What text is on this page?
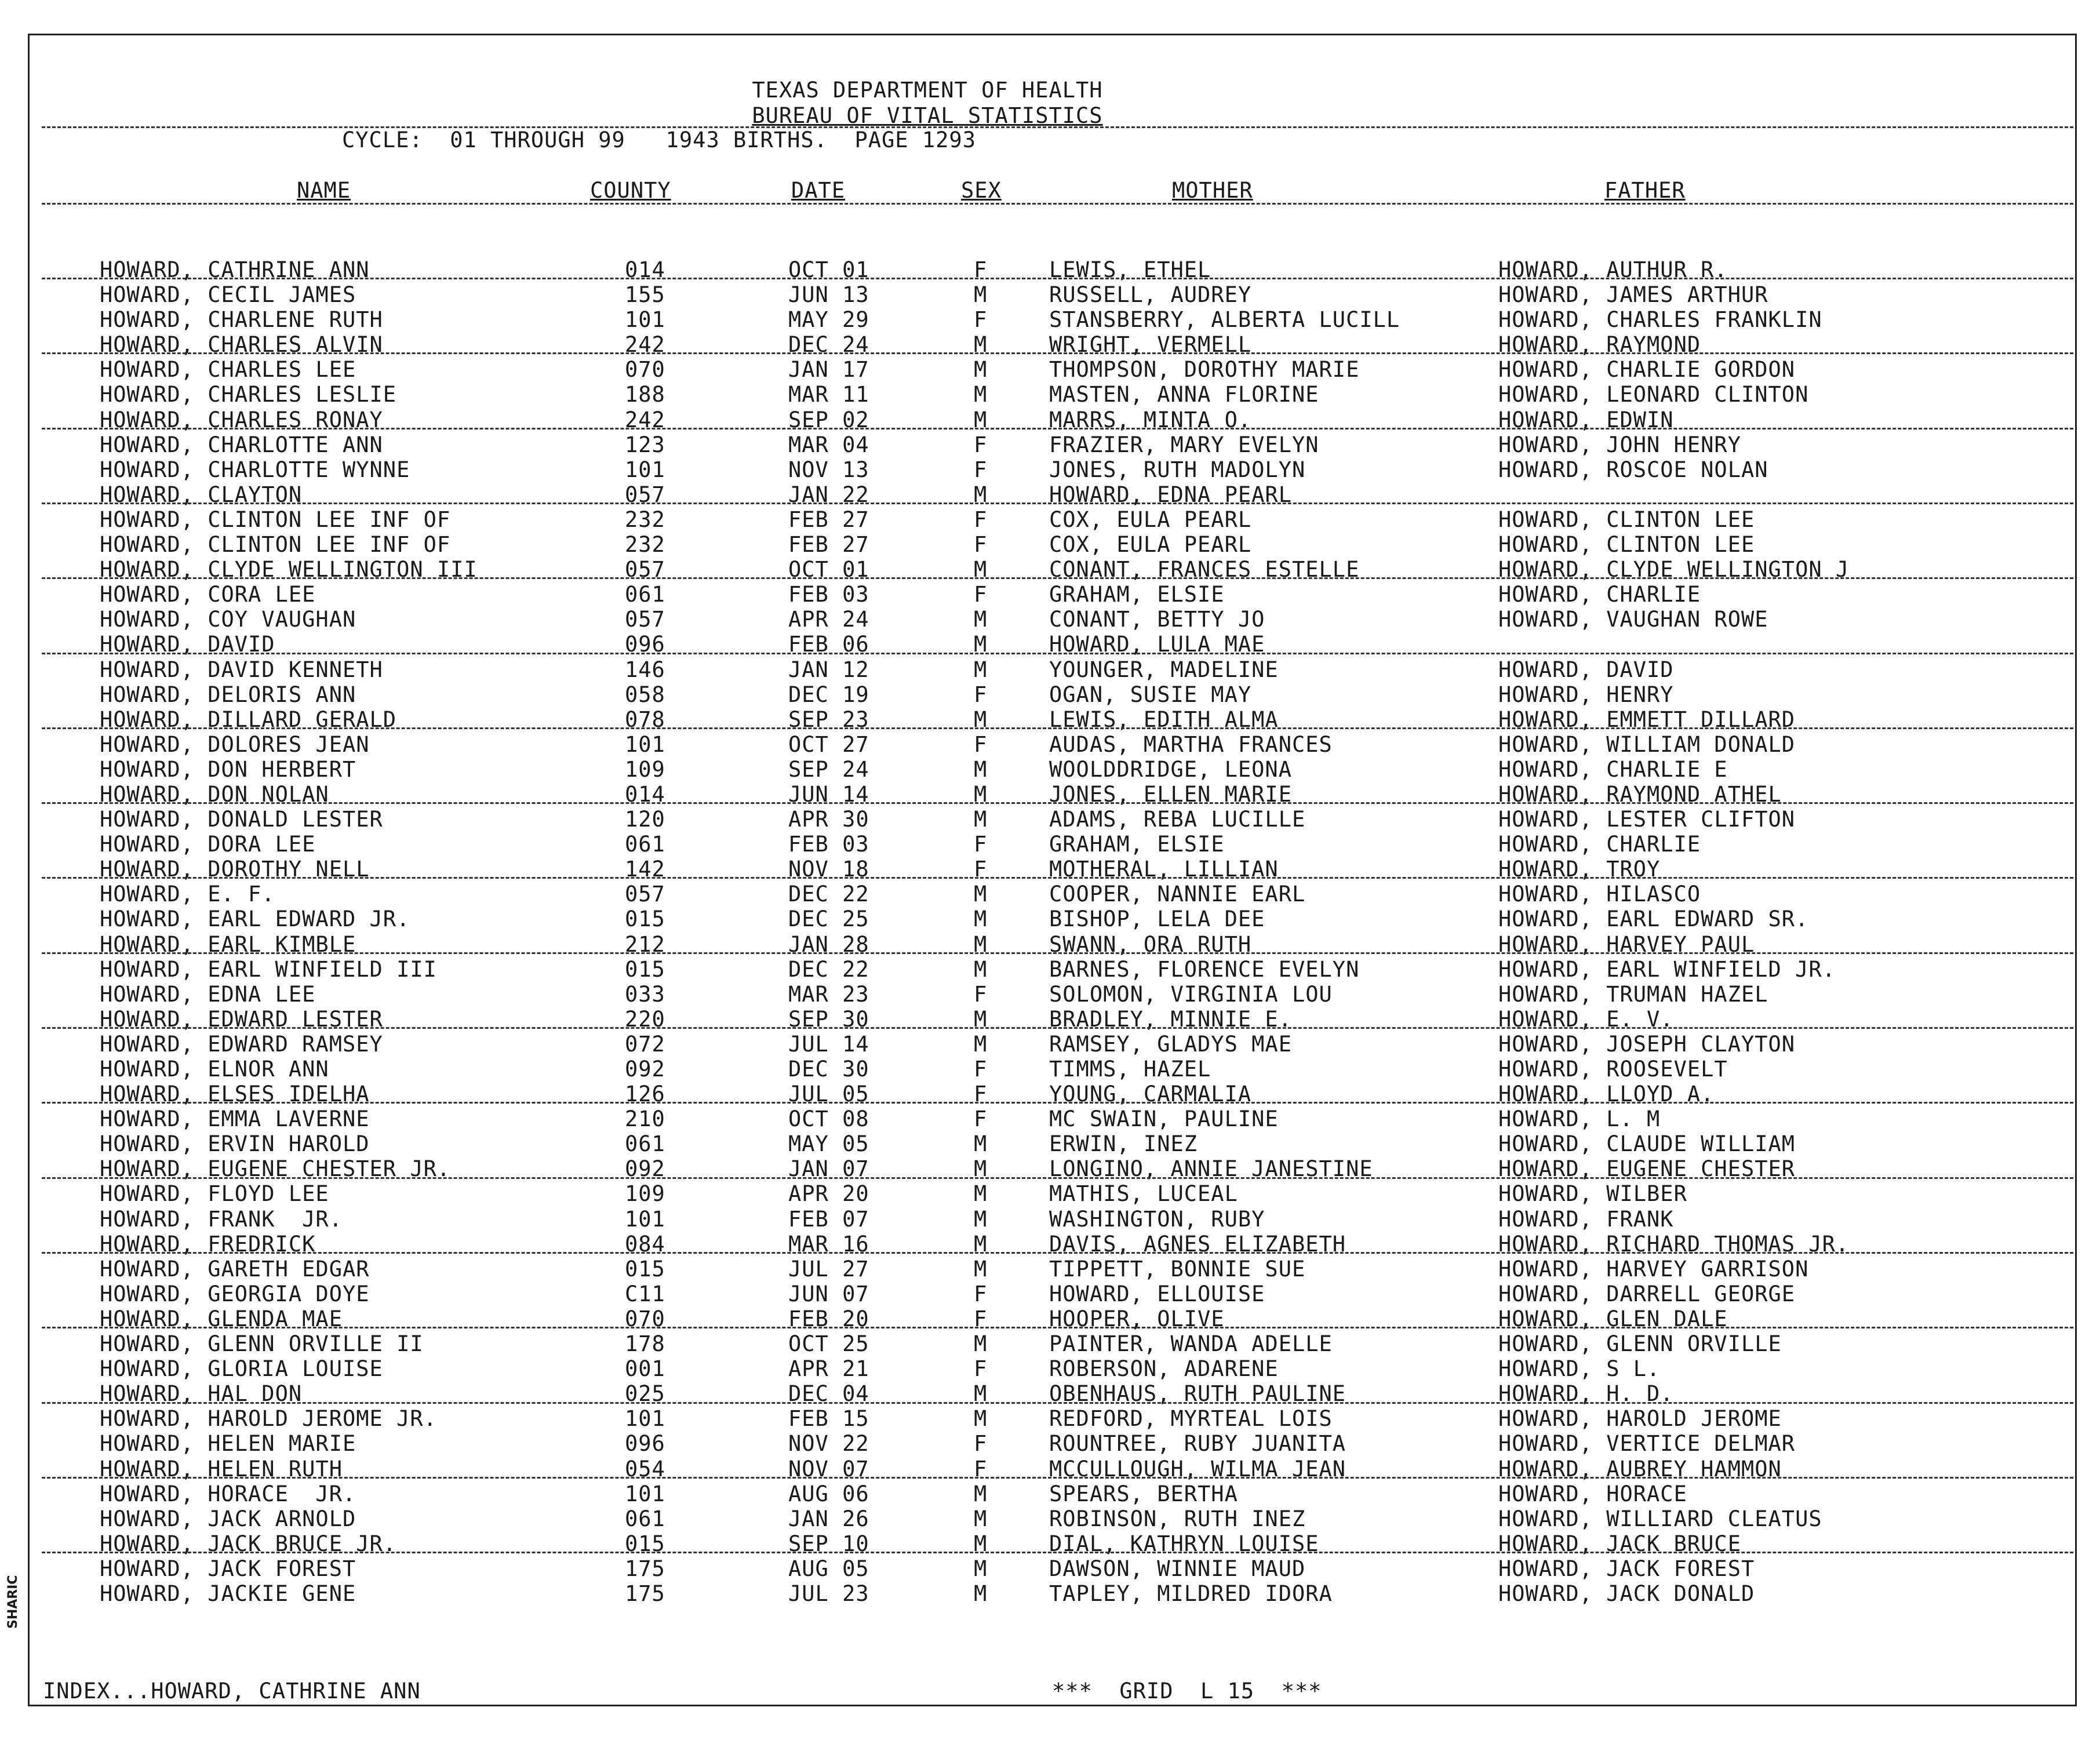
TEXAS DEPARTMENT OF HEALTH
BUREAU OF VITAL STATISTICS
CYCLE:  01 THROUGH 99   1943 BIRTHS.  PAGE 1293
NAME	COUNTY	DATE	SEX	MOTHER	FATHER
HOWARD, CATHRINE ANN	014	OCT 01	F	LEWIS, ETHEL	HOWARD, AUTHUR R.
HOWARD, CECIL JAMES	155	JUN 13	M	RUSSELL, AUDREY	HOWARD, JAMES ARTHUR
HOWARD, CHARLENE RUTH	101	MAY 29	F	STANSBERRY, ALBERTA LUCILL	HOWARD, CHARLES FRANKLIN
HOWARD, CHARLES ALVIN	242	DEC 24	M	WRIGHT, VERMELL	HOWARD, RAYMOND
HOWARD, CHARLES LEE	070	JAN 17	M	THOMPSON, DOROTHY MARIE	HOWARD, CHARLIE GORDON
HOWARD, CHARLES LESLIE	188	MAR 11	M	MASTEN, ANNA FLORINE	HOWARD, LEONARD CLINTON
HOWARD, CHARLES RONAY	242	SEP 02	M	MARRS, MINTA O.	HOWARD, EDWIN
HOWARD, CHARLOTTE ANN	123	MAR 04	F	FRAZIER, MARY EVELYN	HOWARD, JOHN HENRY
HOWARD, CHARLOTTE WYNNE	101	NOV 13	F	JONES, RUTH MADOLYN	HOWARD, ROSCOE NOLAN
HOWARD, CLAYTON	057	JAN 22	M	HOWARD, EDNA PEARL
HOWARD, CLINTON LEE INF OF	232	FEB 27	F	COX, EULA PEARL	HOWARD, CLINTON LEE
HOWARD, CLINTON LEE INF OF	232	FEB 27	F	COX, EULA PEARL	HOWARD, CLINTON LEE
HOWARD, CLYDE WELLINGTON III	057	OCT 01	M	CONANT, FRANCES ESTELLE	HOWARD, CLYDE WELLINGTON J
HOWARD, CORA LEE	061	FEB 03	F	GRAHAM, ELSIE	HOWARD, CHARLIE
HOWARD, COY VAUGHAN	057	APR 24	M	CONANT, BETTY JO	HOWARD, VAUGHAN ROWE
HOWARD, DAVID	096	FEB 06	M	HOWARD, LULA MAE
HOWARD, DAVID KENNETH	146	JAN 12	M	YOUNGER, MADELINE	HOWARD, DAVID
HOWARD, DELORIS ANN	058	DEC 19	F	OGAN, SUSIE MAY	HOWARD, HENRY
HOWARD, DILLARD GERALD	078	SEP 23	M	LEWIS, EDITH ALMA	HOWARD, EMMETT DILLARD
HOWARD, DOLORES JEAN	101	OCT 27	F	AUDAS, MARTHA FRANCES	HOWARD, WILLIAM DONALD
HOWARD, DON HERBERT	109	SEP 24	M	WOOLDDRIDGE, LEONA	HOWARD, CHARLIE E
HOWARD, DON NOLAN	014	JUN 14	M	JONES, ELLEN MARIE	HOWARD, RAYMOND ATHEL
HOWARD, DONALD LESTER	120	APR 30	M	ADAMS, REBA LUCILLE	HOWARD, LESTER CLIFTON
HOWARD, DORA LEE	061	FEB 03	F	GRAHAM, ELSIE	HOWARD, CHARLIE
HOWARD, DOROTHY NELL	142	NOV 18	F	MOTHERAL, LILLIAN	HOWARD, TROY
HOWARD, E. F.	057	DEC 22	M	COOPER, NANNIE EARL	HOWARD, HILASCO
HOWARD, EARL EDWARD JR.	015	DEC 25	M	BISHOP, LELA DEE	HOWARD, EARL EDWARD SR.
HOWARD, EARL KIMBLE	212	JAN 28	M	SWANN, ORA RUTH	HOWARD, HARVEY PAUL
HOWARD, EARL WINFIELD III	015	DEC 22	M	BARNES, FLORENCE EVELYN	HOWARD, EARL WINFIELD JR.
HOWARD, EDNA LEE	033	MAR 23	F	SOLOMON, VIRGINIA LOU	HOWARD, TRUMAN HAZEL
HOWARD, EDWARD LESTER	220	SEP 30	M	BRADLEY, MINNIE E.	HOWARD, E. V.
HOWARD, EDWARD RAMSEY	072	JUL 14	M	RAMSEY, GLADYS MAE	HOWARD, JOSEPH CLAYTON
HOWARD, ELNOR ANN	092	DEC 30	F	TIMMS, HAZEL	HOWARD, ROOSEVELT
HOWARD, ELSES IDELHA	126	JUL 05	F	YOUNG, CARMALIA	HOWARD, LLOYD A.
HOWARD, EMMA LAVERNE	210	OCT 08	F	MC SWAIN, PAULINE	HOWARD, L. M
HOWARD, ERVIN HAROLD	061	MAY 05	M	ERWIN, INEZ	HOWARD, CLAUDE WILLIAM
HOWARD, EUGENE CHESTER JR.	092	JAN 07	M	LONGINO, ANNIE JANESTINE	HOWARD, EUGENE CHESTER
HOWARD, FLOYD LEE	109	APR 20	M	MATHIS, LUCEAL	HOWARD, WILBER
HOWARD, FRANK  JR.	101	FEB 07	M	WASHINGTON, RUBY	HOWARD, FRANK
HOWARD, FREDRICK	084	MAR 16	M	DAVIS, AGNES ELIZABETH	HOWARD, RICHARD THOMAS JR.
HOWARD, GARETH EDGAR	015	JUL 27	M	TIPPETT, BONNIE SUE	HOWARD, HARVEY GARRISON
HOWARD, GEORGIA DOYE	C11	JUN 07	F	HOWARD, ELLOUISE	HOWARD, DARRELL GEORGE
HOWARD, GLENDA MAE	070	FEB 20	F	HOOPER, OLIVE	HOWARD, GLEN DALE
HOWARD, GLENN ORVILLE II	178	OCT 25	M	PAINTER, WANDA ADELLE	HOWARD, GLENN ORVILLE
HOWARD, GLORIA LOUISE	001	APR 21	F	ROBERSON, ADARENE	HOWARD, S L.
HOWARD, HAL DON	025	DEC 04	M	OBENHAUS, RUTH PAULINE	HOWARD, H. D.
HOWARD, HAROLD JEROME JR.	101	FEB 15	M	REDFORD, MYRTEAL LOIS	HOWARD, HAROLD JEROME
HOWARD, HELEN MARIE	096	NOV 22	F	ROUNTREE, RUBY JUANITA	HOWARD, VERTICE DELMAR
HOWARD, HELEN RUTH	054	NOV 07	F	MCCULLOUGH, WILMA JEAN	HOWARD, AUBREY HAMMON
HOWARD, HORACE  JR.	101	AUG 06	M	SPEARS, BERTHA	HOWARD, HORACE
HOWARD, JACK ARNOLD	061	JAN 26	M	ROBINSON, RUTH INEZ	HOWARD, WILLIARD CLEATUS
HOWARD, JACK BRUCE JR.	015	SEP 10	M	DIAL, KATHRYN LOUISE	HOWARD, JACK BRUCE
HOWARD, JACK FOREST	175	AUG 05	M	DAWSON, WINNIE MAUD	HOWARD, JACK FOREST
HOWARD, JACKIE GENE	175	JUL 23	M	TAPLEY, MILDRED IDORA	HOWARD, JACK DONALD
INDEX...HOWARD, CATHRINE ANN	***  GRID  L 15  ***
SHARIC
